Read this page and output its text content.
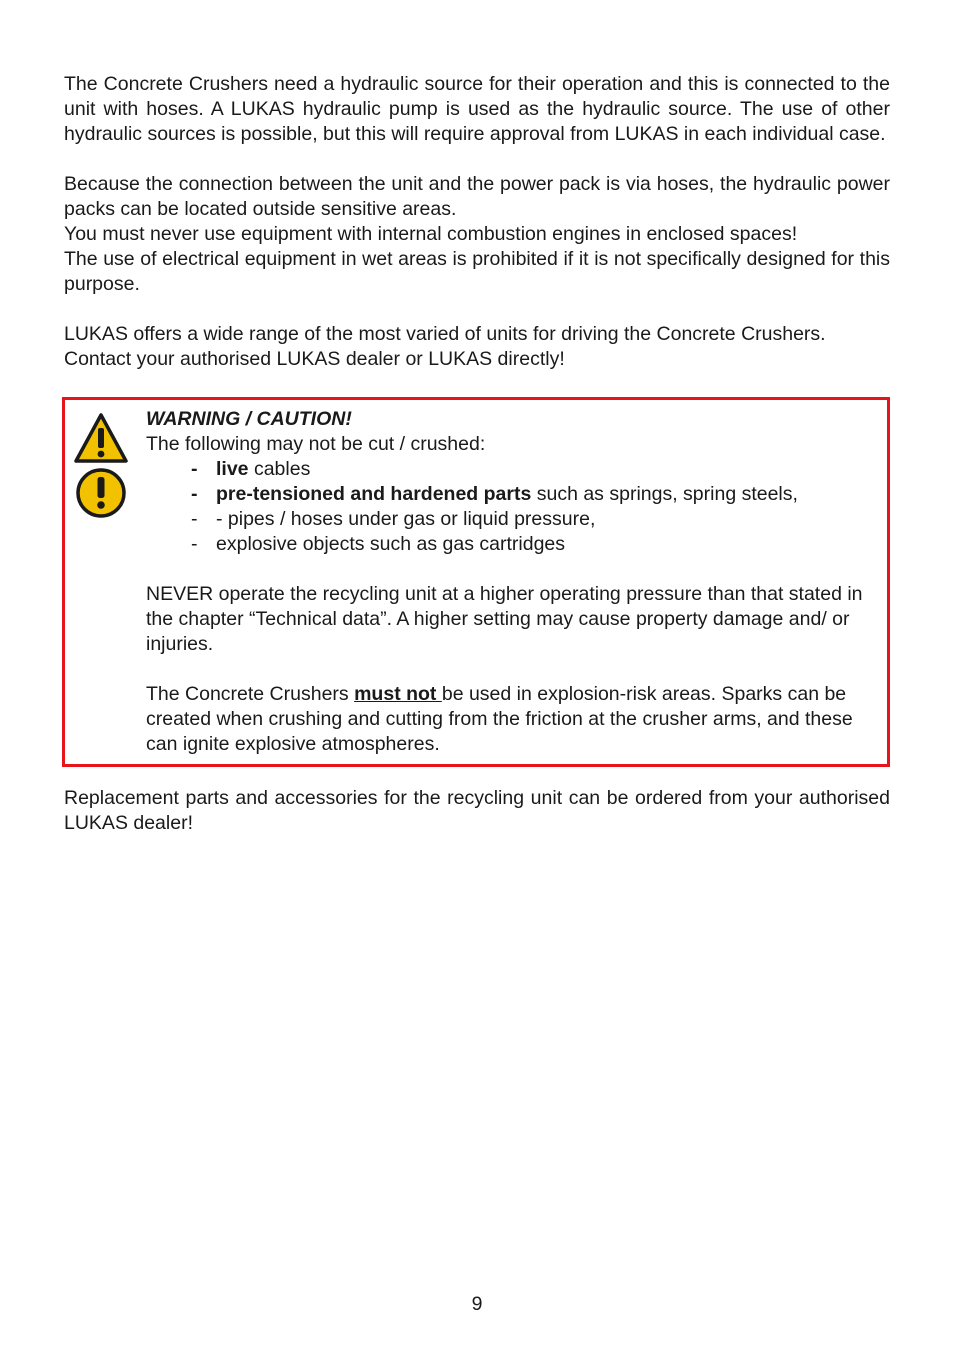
The Concrete Crushers need a hydraulic source for their operation and this is connected to the unit with hoses. A LUKAS hydraulic pump is used as the hydraulic source. The use of other hydraulic sources is possible, but this will require approval from LUKAS in each individual case.

Because the connection between the unit and the power pack is via hoses, the hydraulic power packs can be located outside sensitive areas.

You must never use equipment with internal combustion engines in enclosed spaces!

The use of electrical equipment in wet areas is prohibited if it is not specifically designed for this purpose.

LUKAS offers a wide range of the most varied of units for driving the Concrete Crushers.

Contact your authorised LUKAS dealer or LUKAS directly!

WARNING / CAUTION!
The following may not be cut / crushed:
- live cables
- pre-tensioned and hardened parts such as springs, spring steels,
- - pipes / hoses under gas or liquid pressure,
- explosive objects such as gas cartridges

NEVER operate the recycling unit at a higher operating pressure than that stated in the chapter “Technical data”. A higher setting may cause property damage and/ or injuries.

The Concrete Crushers must not be used in explosion-risk areas. Sparks can be created when crushing and cutting from the friction at the crusher arms, and these can ignite explosive atmospheres.

Replacement parts and accessories for the recycling unit can be ordered from your authorised LUKAS dealer!

9
